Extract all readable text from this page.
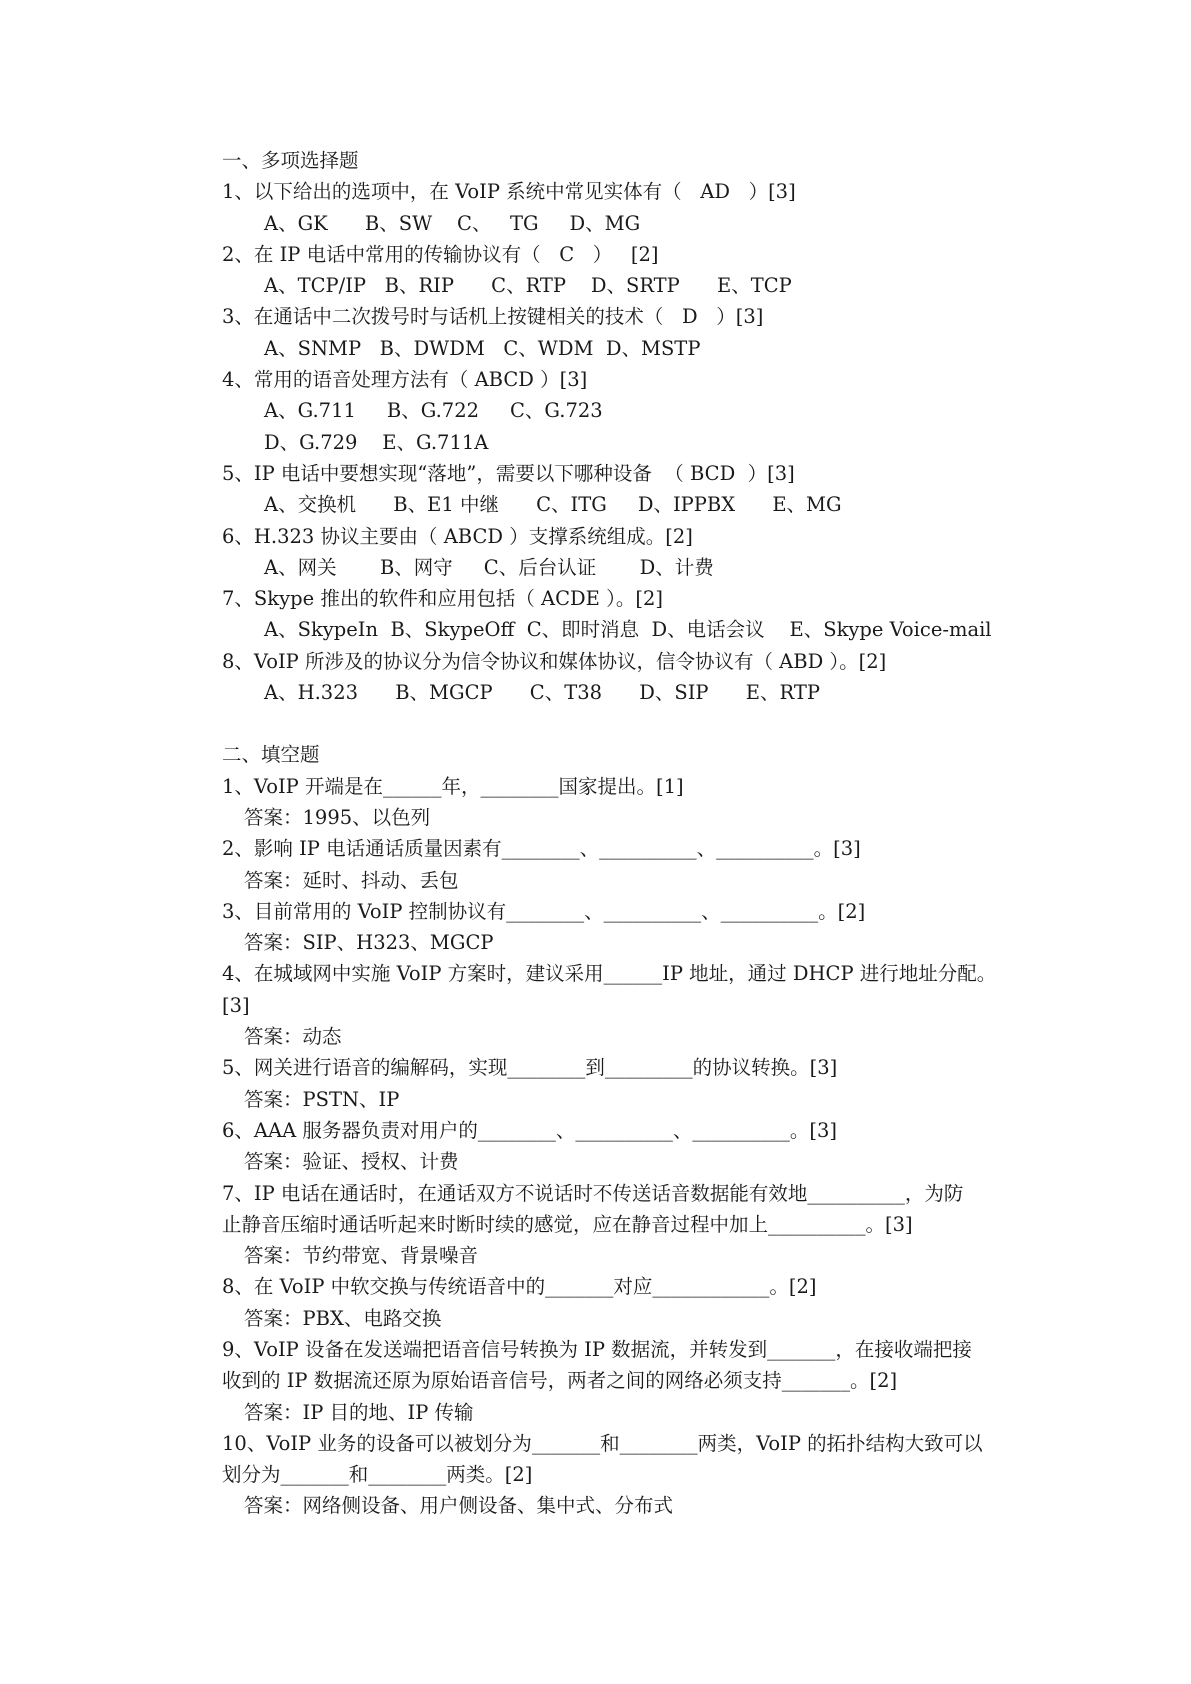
一、多项选择题
1、以下给出的选项中，在 VoIP 系统中常见实体有（   AD   ）[3]
A、GK      B、SW    C、   TG     D、MG
2、在 IP 电话中常用的传输协议有（   C   ）   [2]
A、TCP/IP   B、RIP      C、RTP    D、SRTP      E、TCP
3、在通话中二次拨号时与话机上按键相关的技术（   D   ）[3]
A、SNMP   B、DWDM   C、WDM  D、MSTP
4、常用的语音处理方法有（ ABCD ）[3]
A、G.711     B、G.722     C、G.723
D、G.729    E、G.711A
5、IP 电话中要想实现“落地”，需要以下哪种设备  （ BCD  ）[3]
A、交换机      B、E1 中继      C、ITG     D、IPPBX      E、MG
6、H.323 协议主要由（ ABCD ）支撑系统组成。[2]
A、网关       B、网守     C、后台认证       D、计费
7、Skype 推出的软件和应用包括（ ACDE ）。[2]
A、SkypeIn  B、SkypeOff  C、即时消息  D、电话会议    E、Skype Voice-mail
8、VoIP 所涉及的协议分为信令协议和媒体协议，信令协议有（ ABD ）。[2]
A、H.323      B、MGCP      C、T38      D、SIP      E、RTP
二、填空题
1、VoIP 开端是在______年，________国家提出。[1]
答案：1995、以色列
2、影响 IP 电话通话质量因素有________、__________、__________。[3]
答案：延时、抖动、丢包
3、目前常用的 VoIP 控制协议有________、__________、__________。[2]
答案：SIP、H323、MGCP
4、在城域网中实施 VoIP 方案时，建议采用______IP 地址，通过 DHCP 进行地址分配。
[3]
答案：动态
5、网关进行语音的编解码，实现________到_________的协议转换。[3]
答案：PSTN、IP
6、AAA 服务器负责对用户的________、__________、__________。[3]
答案：验证、授权、计费
7、IP 电话在通话时，在通话双方不说话时不传送话音数据能有效地__________，为防
止静音压缩时通话听起来时断时续的感觉，应在静音过程中加上__________。[3]
答案：节约带宽、背景噪音
8、在 VoIP 中软交换与传统语音中的_______对应____________。[2]
答案：PBX、电路交换
9、VoIP 设备在发送端把语音信号转换为 IP 数据流，并转发到_______，在接收端把接
收到的 IP 数据流还原为原始语音信号，两者之间的网络必须支持_______。[2]
答案：IP 目的地、IP 传输
10、VoIP 业务的设备可以被划分为_______和________两类，VoIP 的拓扑结构大致可以
划分为_______和________两类。[2]
答案：网络侧设备、用户侧设备、集中式、分布式
